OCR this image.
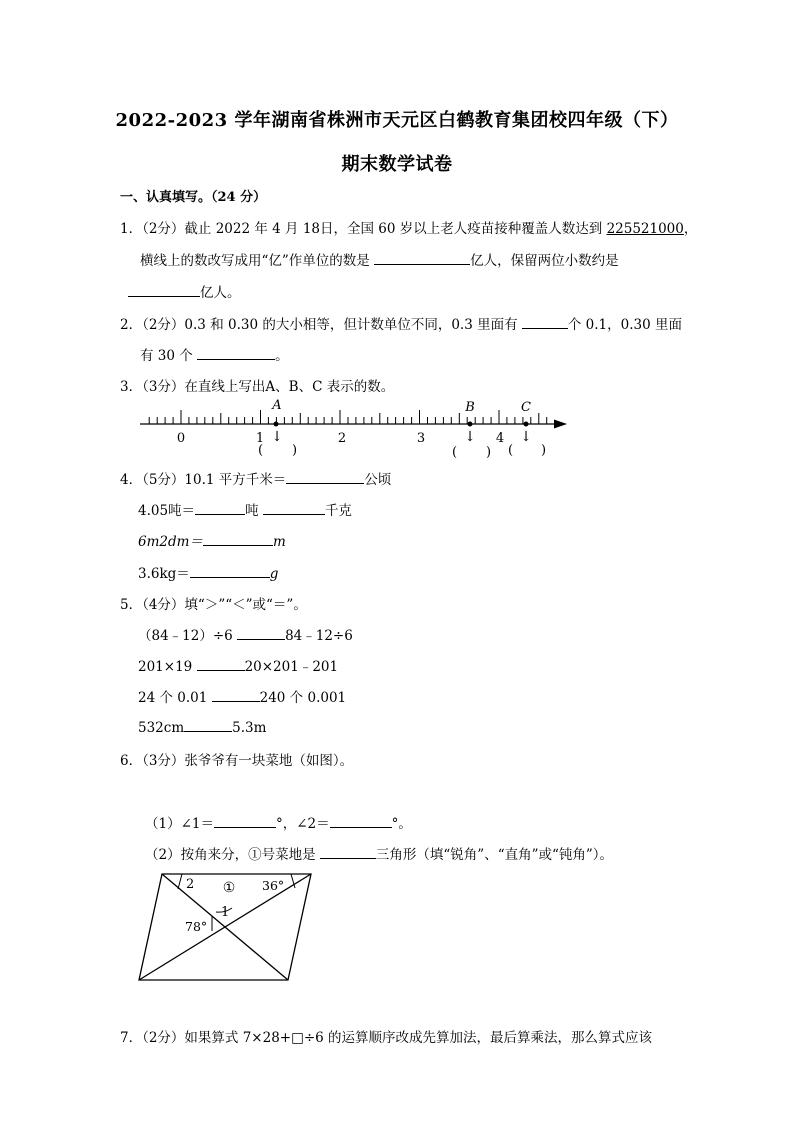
2022-2023 学年湖南省株洲市天元区白鹤教育集团校四年级（下）
期末数学试卷
一、认真填写。（24 分）
1．（2分）截止 2022 年 4 月 18日，全国 60 岁以上老人疫苗接种覆盖人数达到 225521000，
横线上的数改写成用“亿”作单位的数是	亿人，保留两位小数约是
亿人。
2．（2分）0.3 和 0.30 的大小相等，但计数单位不同，0.3 里面有	个 0.1，0.30 里面
有 30 个	。
3．（3分）在直线上写出A、B、C 表示的数。
0	1	2	3	4
A	B	C
↓	↓	↓
( )	( ) ( )
2 ① 36°
1
78°
4．（5分）10.1 平方千米＝	公顷
4.05吨＝	吨	千克
6m2dm＝	m
3.6kg＝	g
5．（4分）填“＞”“＜”或“＝”。
（84﹣12）÷6	84﹣12÷6
201×19	20×201﹣201
24 个 0.01	240 个 0.001
532cm	5.3m
6．（3分）张爷爷有一块菜地（如图）。
（1）∠1＝	°，∠2＝	°。
（2）按角来分，①号菜地是	三角形（填“锐角”、“直角”或“钝角”）。
7．（2分）如果算式 7×28+□÷6 的运算顺序改成先算加法，最后算乘法，那么算式应该
